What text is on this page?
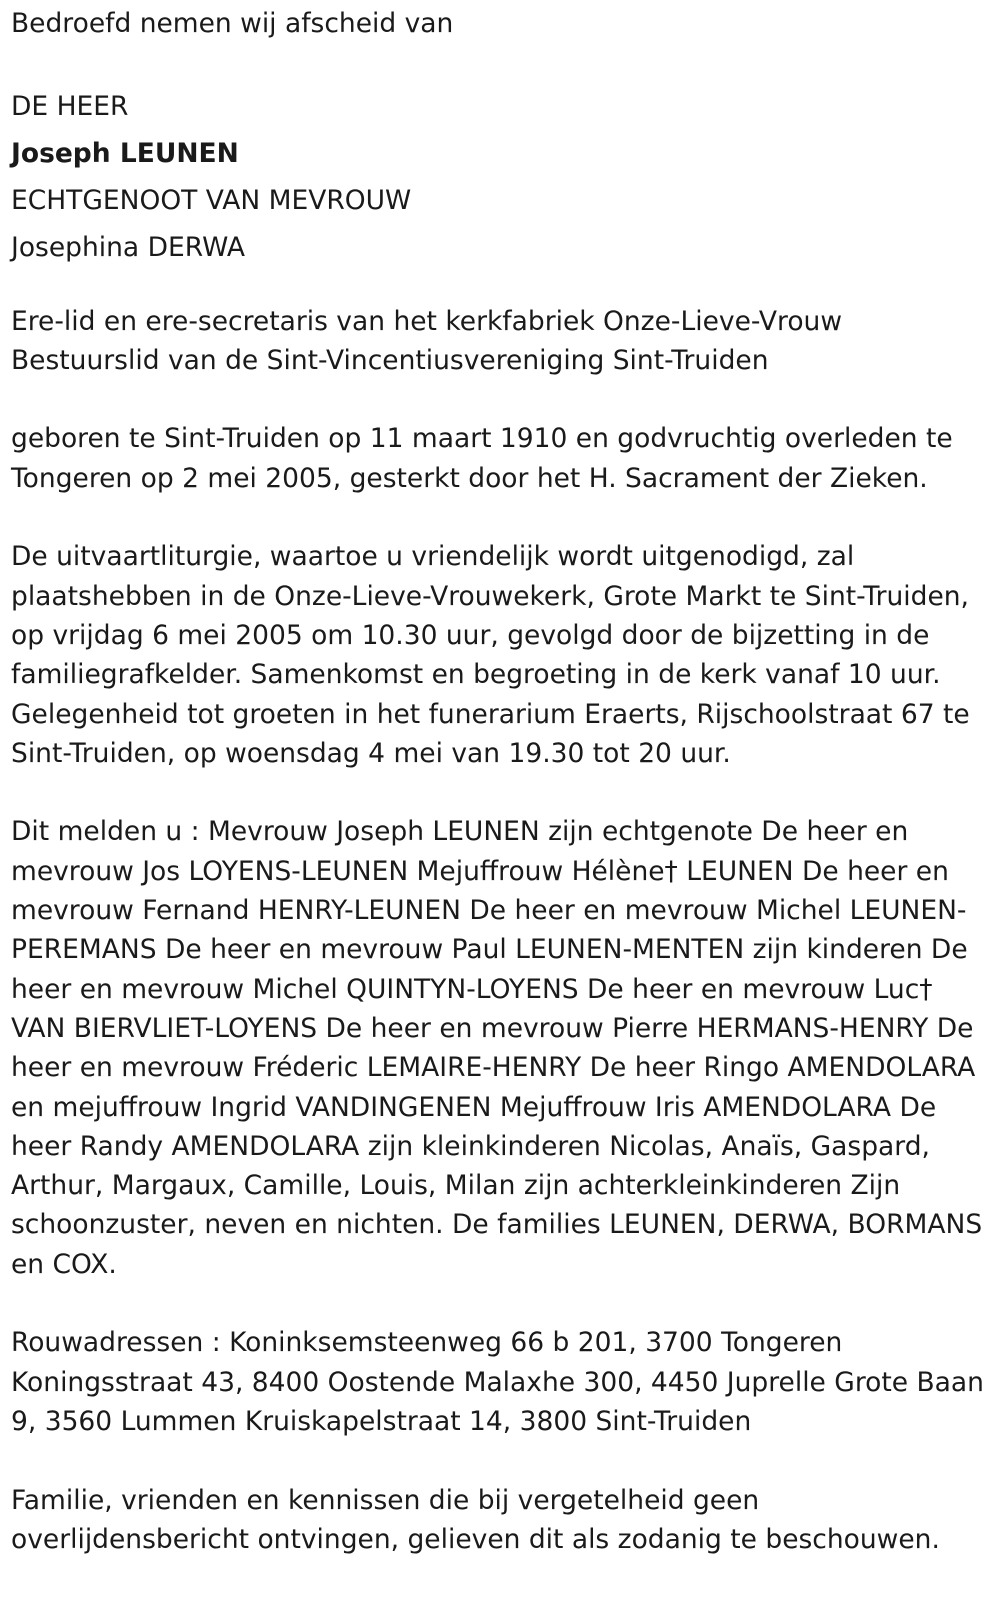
Bedroefd nemen wij afscheid van
DE HEER
Joseph LEUNEN
ECHTGENOOT VAN MEVROUW
Josephina DERWA
Ere-lid en ere-secretaris van het kerkfabriek Onze-Lieve-Vrouw
Bestuurslid van de Sint-Vincentiusvereniging Sint-Truiden
geboren te Sint-Truiden op 11 maart 1910 en godvruchtig overleden te
Tongeren op 2 mei 2005, gesterkt door het H. Sacrament der Zieken.
De uitvaartliturgie, waartoe u vriendelijk wordt uitgenodigd, zal
plaatshebben in de Onze-Lieve-Vrouwekerk, Grote Markt te Sint-Truiden,
op vrijdag 6 mei 2005 om 10.30 uur, gevolgd door de bijzetting in de
familiegrafkelder. Samenkomst en begroeting in de kerk vanaf 10 uur.
Gelegenheid tot groeten in het funerarium Eraerts, Rijschoolstraat 67 te
Sint-Truiden, op woensdag 4 mei van 19.30 tot 20 uur.
Dit melden u : Mevrouw Joseph LEUNEN zijn echtgenote De heer en
mevrouw Jos LOYENS-LEUNEN Mejuffrouw Hélène† LEUNEN De heer en
mevrouw Fernand HENRY-LEUNEN De heer en mevrouw Michel LEUNEN-
PEREMANS De heer en mevrouw Paul LEUNEN-MENTEN zijn kinderen De
heer en mevrouw Michel QUINTYN-LOYENS De heer en mevrouw Luc†
VAN BIERVLIET-LOYENS De heer en mevrouw Pierre HERMANS-HENRY De
heer en mevrouw Fréderic LEMAIRE-HENRY De heer Ringo AMENDOLARA
en mejuffrouw Ingrid VANDINGENEN Mejuffrouw Iris AMENDOLARA De
heer Randy AMENDOLARA zijn kleinkinderen Nicolas, Anaïs, Gaspard,
Arthur, Margaux, Camille, Louis, Milan zijn achterkleinkinderen Zijn
schoonzuster, neven en nichten. De families LEUNEN, DERWA, BORMANS
en COX.
Rouwadressen : Koninksemsteenweg 66 b 201, 3700 Tongeren
Koningsstraat 43, 8400 Oostende Malaxhe 300, 4450 Juprelle Grote Baan
9, 3560 Lummen Kruiskapelstraat 14, 3800 Sint-Truiden
Familie, vrienden en kennissen die bij vergetelheid geen
overlijdensbericht ontvingen, gelieven dit als zodanig te beschouwen.
